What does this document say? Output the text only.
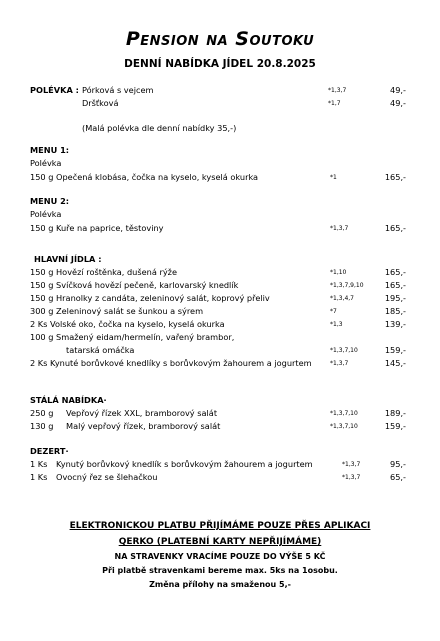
Pension na Soutoku
DENNÍ NABÍDKA JÍDEL 20.8.2025
POLÉVKA : Pórková s vejcem	*1,3,7	49,-
Dršťková	*1,7	49,-
(Malá polévka dle denní nabídky 35,-)
MENU 1:
Polévka
150 g Opečená klobása, čočka na kyselo, kyselá okurka	*1	165,-
MENU 2:
Polévka
150 g Kuře na paprice, těstoviny	*1,3,7	165,-
HLAVNÍ JÍDLA :
150 g Hovězí roštěnka, dušená rýže	*1,10	165,-
150 g Svíčková hovězí pečeně, karlovarský knedlík	*1,3,7,9,10	165,-
150 g Hranolky z candáta, zeleninový salát, koprový přeliv	*1,3,4,7	195,-
300 g Zeleninový salát se šunkou a sýrem	*7	185,-
2 Ks Volské oko, čočka na kyselo, kyselá okurka	*1,3	139,-
100 g Smažený eidam/hermelín, vařený brambor,
tatarská omáčka	*1,3,7,10	159,-
2 Ks Kynuté borůvkové knedlíky s borůvkovým žahourem a jogurtem	*1,3,7	145,-
STÁLÁ NABÍDKA·
250 g Vepřový řízek XXL, bramborový salát	*1,3,7,10	189,-
130 g Malý vepřový řízek, bramborový salát	*1,3,7,10	159,-
DEZERT·
1 Ks Kynutý borůvkový knedlík s borůvkovým žahourem a jogurtem	*1,3,7	95,-
1 Ks Ovocný řez se šlehačkou	*1,3,7	65,-
ELEKTRONICKOU PLATBU PŘIJÍMÁME POUZE PŘES APLIKACI
QERKO (PLATEBNÍ KARTY NEPŘIJÍMÁME)
NA STRAVENKY VRACÍME POUZE DO VÝŠE 5 KČ
Při platbě stravenkami bereme max. 5ks na 1osobu.
Změna přílohy na smaženou 5,-
